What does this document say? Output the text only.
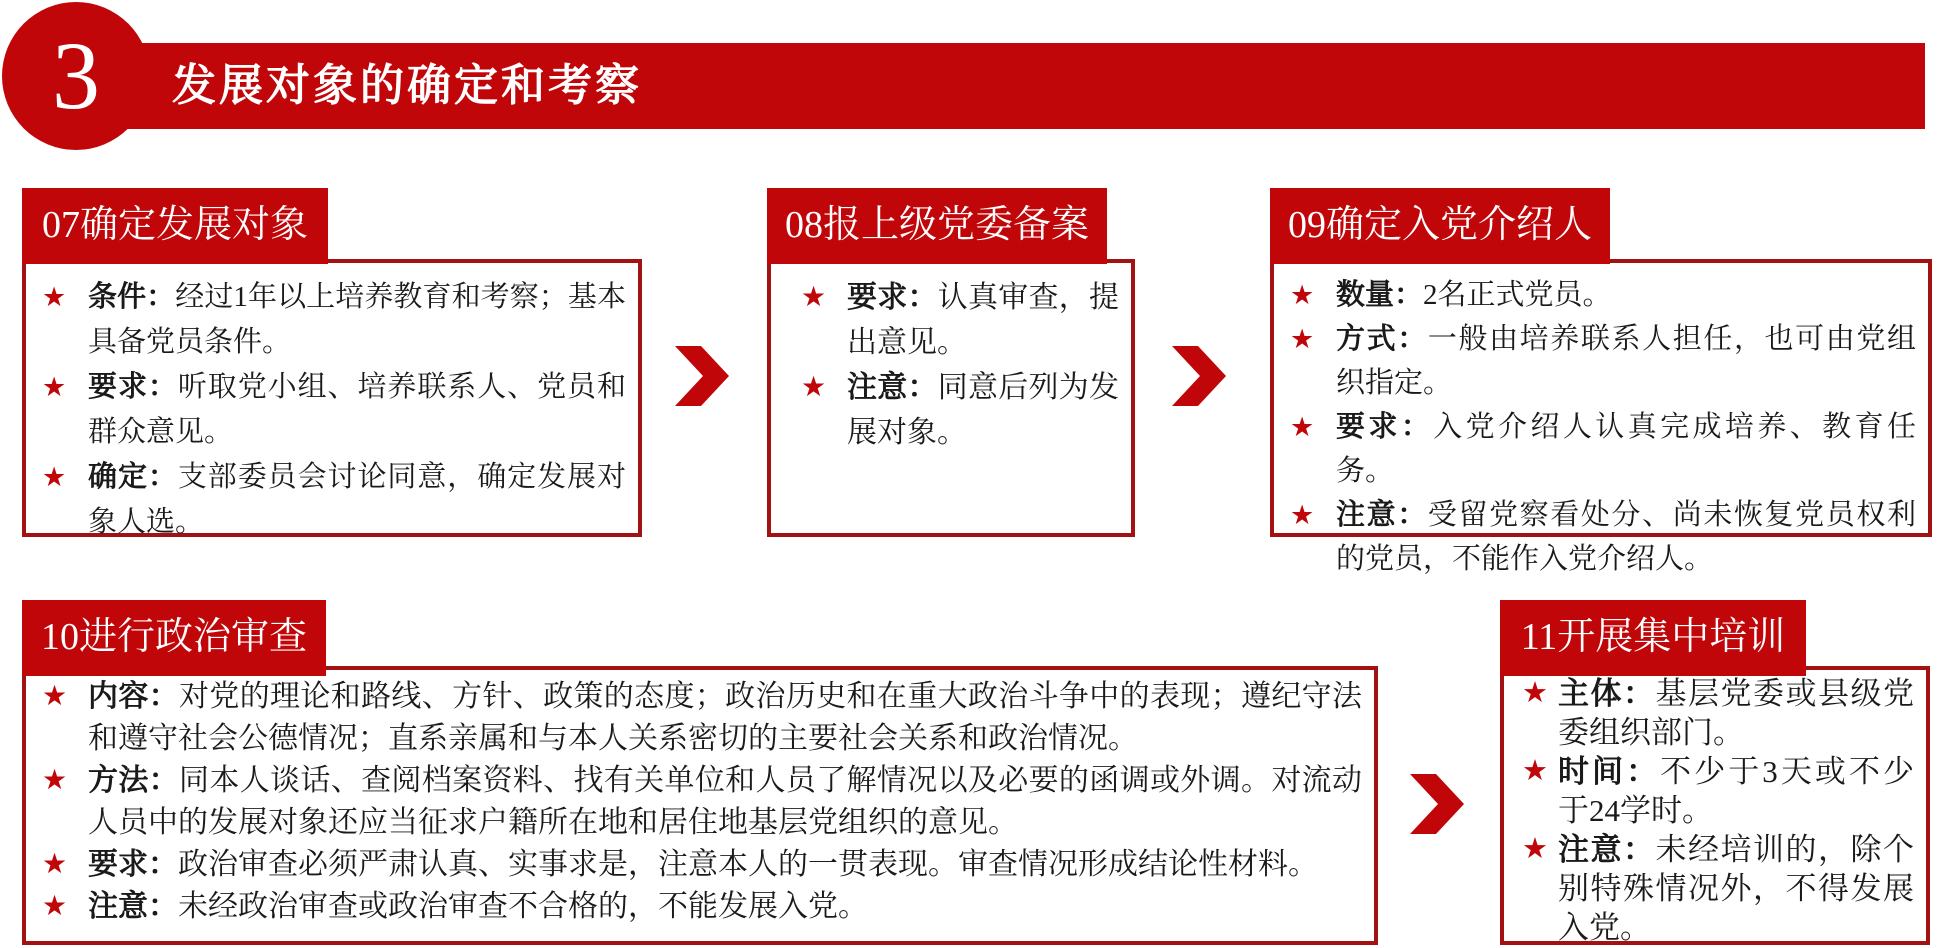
3	发展对象的确定和考察
07确定发展对象
★ 条件：经过1年以上培养教育和考察；基本具备党员条件。
★ 要求：听取党小组、培养联系人、党员和群众意见。
★ 确定：支部委员会讨论同意，确定发展对象人选。
08报上级党委备案
★ 要求：认真审查，提出意见。
★ 注意：同意后列为发展对象。
09确定入党介绍人
★ 数量：2名正式党员。
★ 方式：一般由培养联系人担任，也可由党组织指定。
★ 要求：入党介绍人认真完成培养、教育任务。
★ 注意：受留党察看处分、尚未恢复党员权利的党员，不能作入党介绍人。
10进行政治审查
★ 内容：对党的理论和路线、方针、政策的态度；政治历史和在重大政治斗争中的表现；遵纪守法和遵守社会公德情况；直系亲属和与本人关系密切的主要社会关系和政治情况。
★ 方法：同本人谈话、查阅档案资料、找有关单位和人员了解情况以及必要的函调或外调。对流动人员中的发展对象还应当征求户籍所在地和居住地基层党组织的意见。
★ 要求：政治审查必须严肃认真、实事求是，注意本人的一贯表现。审查情况形成结论性材料。
★ 注意：未经政治审查或政治审查不合格的，不能发展入党。
11开展集中培训
★ 主体：基层党委或县级党委组织部门。
★ 时间：不少于3天或不少于24学时。
★ 注意：未经培训的，除个别特殊情况外，不得发展入党。
